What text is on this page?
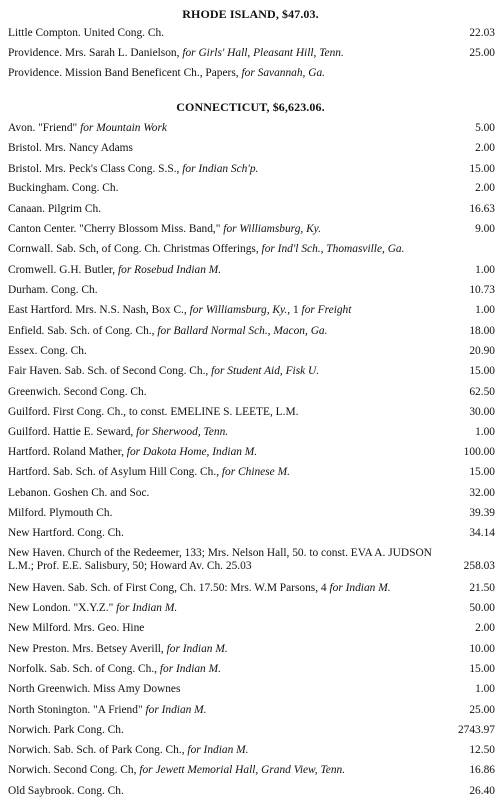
RHODE ISLAND, $47.03.
Little Compton. United Cong. Ch.	22.03
Providence. Mrs. Sarah L. Danielson, for Girls' Hall, Pleasant Hill, Tenn.	25.00
Providence. Mission Band Beneficent Ch., Papers, for Savannah, Ga.
CONNECTICUT, $6,623.06.
Avon. "Friend" for Mountain Work	5.00
Bristol. Mrs. Nancy Adams	2.00
Bristol. Mrs. Peck's Class Cong. S.S., for Indian Sch'p.	15.00
Buckingham. Cong. Ch.	2.00
Canaan. Pilgrim Ch.	16.63
Canton Center. "Cherry Blossom Miss. Band," for Williamsburg, Ky.	9.00
Cornwall. Sab. Sch, of Cong. Ch. Christmas Offerings, for Ind'l Sch., Thomasville, Ga.
Cromwell. G.H. Butler, for Rosebud Indian M.	1.00
Durham. Cong. Ch.	10.73
East Hartford. Mrs. N.S. Nash, Box C., for Williamsburg, Ky., 1 for Freight	1.00
Enfield. Sab. Sch. of Cong. Ch., for Ballard Normal Sch., Macon, Ga.	18.00
Essex. Cong. Ch.	20.90
Fair Haven. Sab. Sch. of Second Cong. Ch., for Student Aid, Fisk U.	15.00
Greenwich. Second Cong. Ch.	62.50
Guilford. First Cong. Ch., to const. EMELINE S. LEETE, L.M.	30.00
Guilford. Hattie E. Seward, for Sherwood, Tenn.	1.00
Hartford. Roland Mather, for Dakota Home, Indian M.	100.00
Hartford. Sab. Sch. of Asylum Hill Cong. Ch., for Chinese M.	15.00
Lebanon. Goshen Ch. and Soc.	32.00
Milford. Plymouth Ch.	39.39
New Hartford. Cong. Ch.	34.14
New Haven. Church of the Redeemer, 133; Mrs. Nelson Hall, 50. to const. EVA A. JUDSON L.M.; Prof. E.E. Salisbury, 50; Howard Av. Ch. 25.03	258.03
New Haven. Sab. Sch. of First Cong, Ch. 17.50: Mrs. W.M Parsons, 4 for Indian M.	21.50
New London. "X.Y.Z." for Indian M.	50.00
New Milford. Mrs. Geo. Hine	2.00
New Preston. Mrs. Betsey Averill, for Indian M.	10.00
Norfolk. Sab. Sch. of Cong. Ch., for Indian M.	15.00
North Greenwich. Miss Amy Downes	1.00
North Stonington. "A Friend" for Indian M.	25.00
Norwich. Park Cong. Ch.	2743.97
Norwich. Sab. Sch. of Park Cong. Ch., for Indian M.	12.50
Norwich. Second Cong. Ch, for Jewett Memorial Hall, Grand View, Tenn.	16.86
Old Saybrook. Cong. Ch.	26.40
